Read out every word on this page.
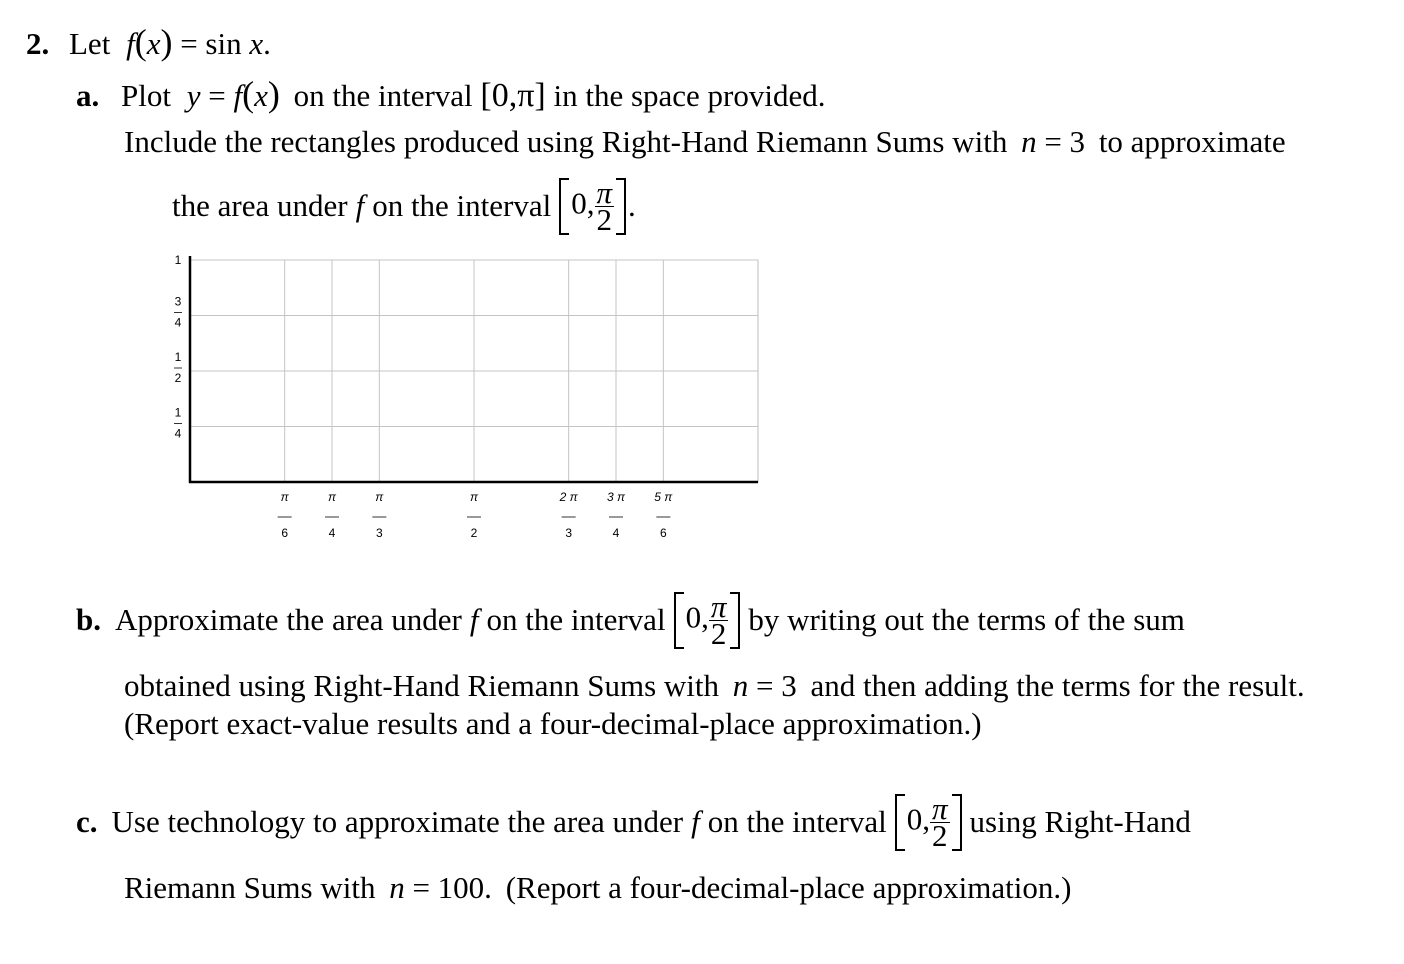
2. Let f(x) = sin x.
a. Plot y = f(x) on the interval [0,π] in the space provided.
Include the rectangles produced using Right-Hand Riemann Sums with n = 3 to approximate
the area under f on the interval 0, $\frac{\pi}{2}$ .
π
6
π
4
π
3
π
2
2 π
3
3 π
4
5 π
6
1
3
4
1
2
1
4
b. Approximate the area under f on the interval 0, $\frac{\pi}{2}$ by writing out the terms of the sum
obtained using Right-Hand Riemann Sums with n = 3 and then adding the terms for the result.
(Report exact-value results and a four-decimal-place approximation.)
c. Use technology to approximate the area under f on the interval 0, $\frac{\pi}{2}$ using Right-Hand
Riemann Sums with n = 100. (Report a four-decimal-place approximation.)
